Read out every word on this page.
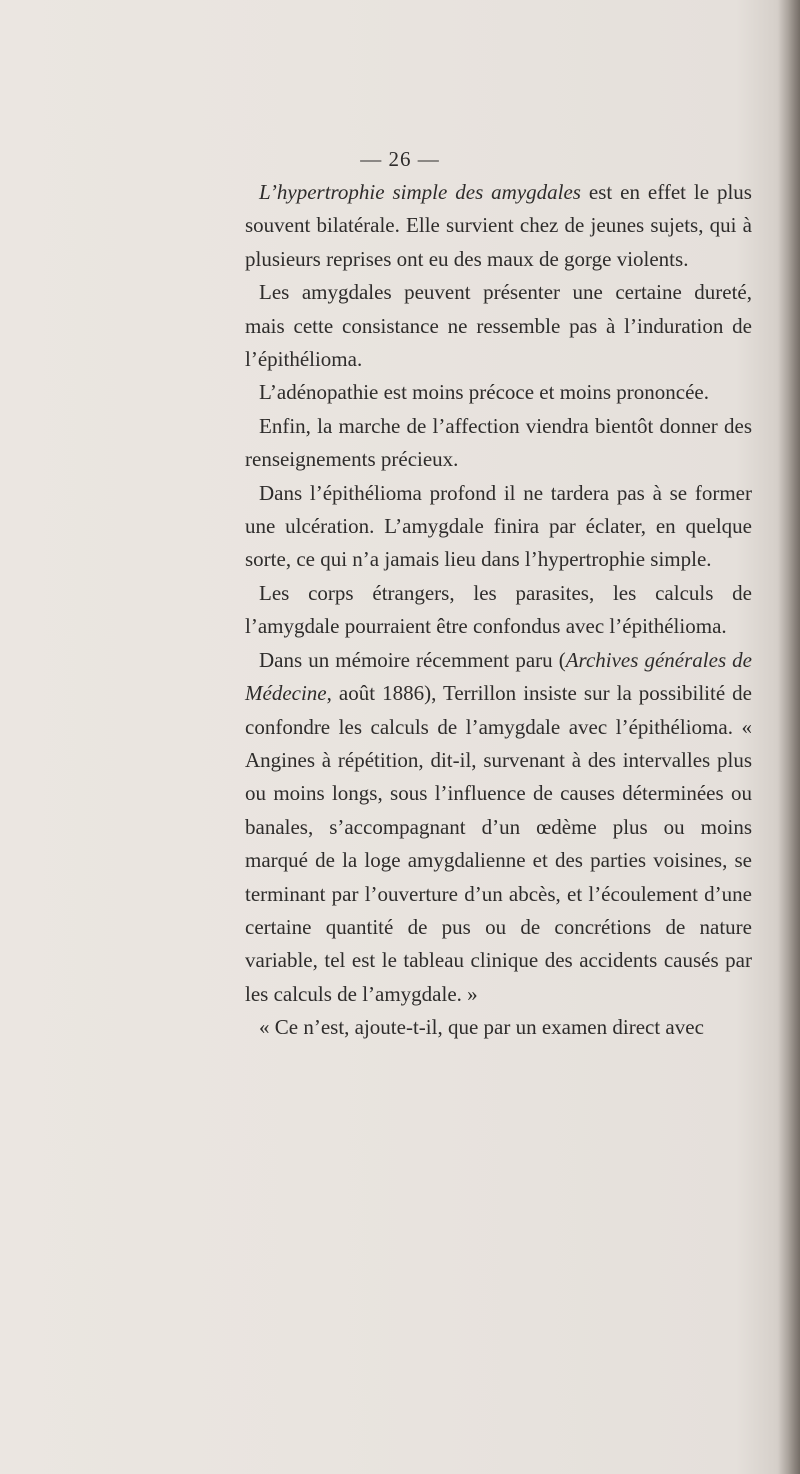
— 26 —

L’hypertrophie simple des amygdales est en effet le plus souvent bilatérale. Elle survient chez de jeunes sujets, qui à plusieurs reprises ont eu des maux de gorge violents.

Les amygdales peuvent présenter une certaine dureté, mais cette consistance ne ressemble pas à l’induration de l’épithélioma.

L’adénopathie est moins précoce et moins prononcée.

Enfin, la marche de l’affection viendra bientôt donner des renseignements précieux.

Dans l’épithélioma profond il ne tardera pas à se former une ulcération. L’amygdale finira par éclater, en quelque sorte, ce qui n’a jamais lieu dans l’hypertrophie simple.

Les corps étrangers, les parasites, les calculs de l’amygdale pourraient être confondus avec l’épithélioma.

Dans un mémoire récemment paru (Archives générales de Médecine, août 1886), Terrillon insiste sur la possibilité de confondre les calculs de l’amygdale avec l’épithélioma. « Angines à répétition, dit-il, survenant à des intervalles plus ou moins longs, sous l’influence de causes déterminées ou banales, s’accompagnant d’un œdème plus ou moins marqué de la loge amygdalienne et des parties voisines, se terminant par l’ouverture d’un abcès, et l’écoulement d’une certaine quantité de pus ou de concrétions de nature variable, tel est le tableau clinique des accidents causés par les calculs de l’amygdale. »

« Ce n’est, ajoute-t-il, que par un examen direct avec
